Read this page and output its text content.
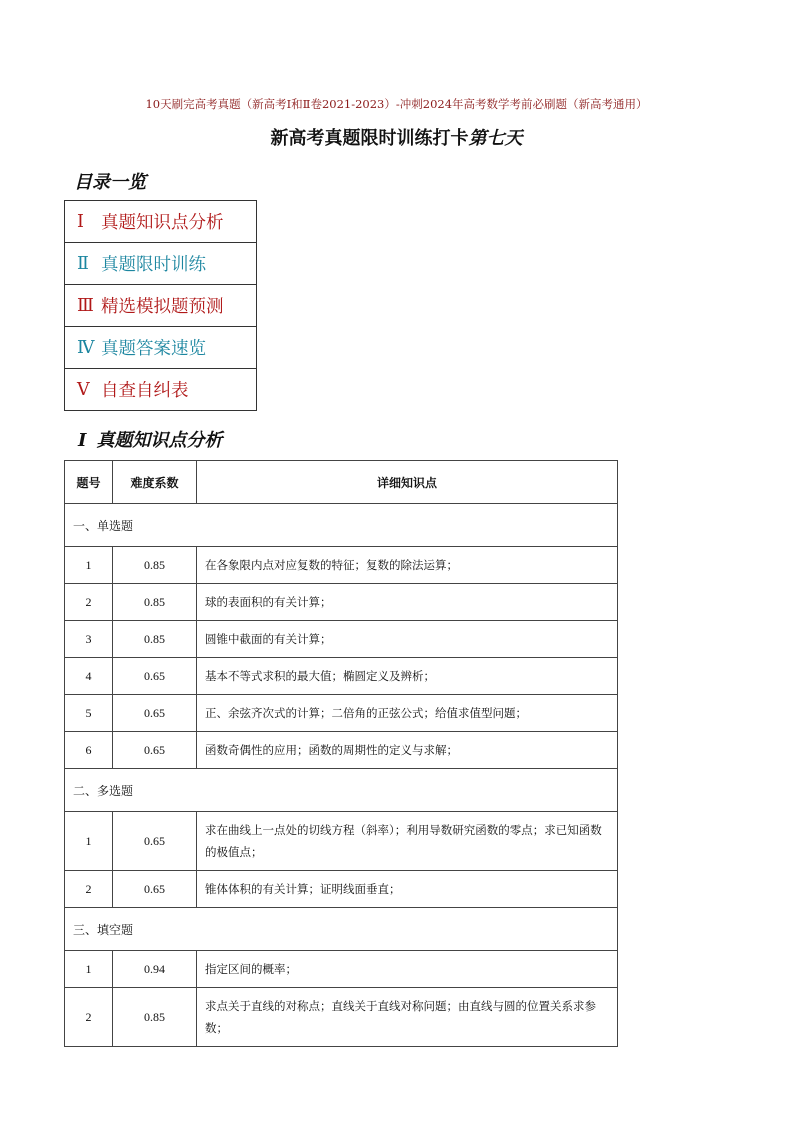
10天刷完高考真题（新高考Ⅰ和Ⅱ卷2021-2023）-冲刺2024年高考数学考前必刷题（新高考通用）
新高考真题限时训练打卡第七天
目录一览
Ⅰ 真题知识点分析
Ⅱ 真题限时训练
Ⅲ 精选模拟题预测
Ⅳ 真题答案速览
Ⅴ 自查自纠表
Ⅰ 真题知识点分析
题号	难度系数	详细知识点
一、单选题		
1	0.85	在各象限内点对应复数的特征；复数的除法运算；
2	0.85	球的表面积的有关计算；
3	0.85	圆锥中截面的有关计算；
4	0.65	基本不等式求积的最大值；椭圆定义及辨析；
5	0.65	正、余弦齐次式的计算；二倍角的正弦公式；给值求值型问题；
6	0.65	函数奇偶性的应用；函数的周期性的定义与求解；
二、多选题		
1	0.65	求在曲线上一点处的切线方程（斜率）；利用导数研究函数的零点；求已知函数的极值点；
2	0.65	锥体体积的有关计算；证明线面垂直；
三、填空题		
1	0.94	指定区间的概率；
2	0.85	求点关于直线的对称点；直线关于直线对称问题；由直线与圆的位置关系求参数；
